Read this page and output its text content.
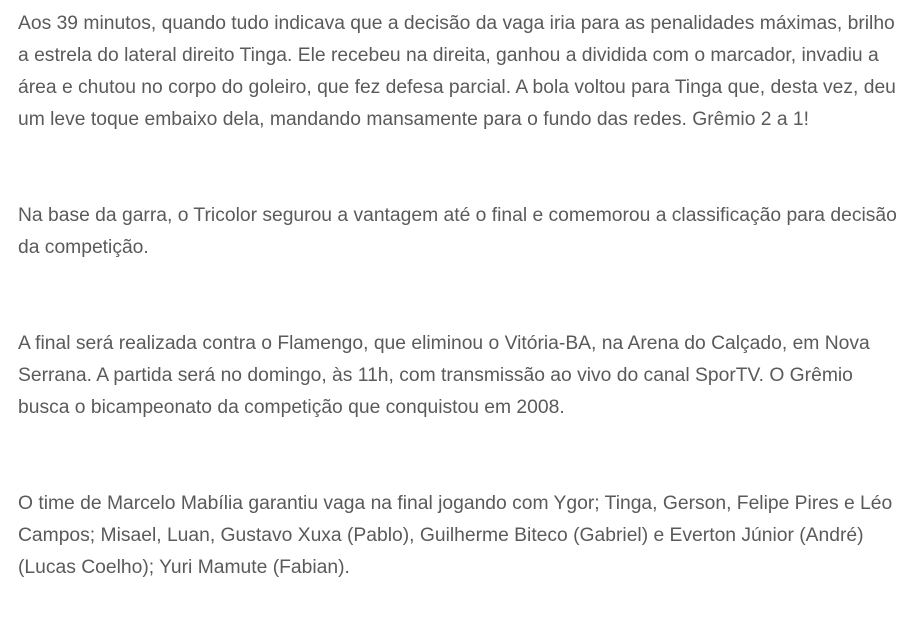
Aos 39 minutos, quando tudo indicava que a decisão da vaga iria para as penalidades máximas, brilho a estrela do lateral direito Tinga. Ele recebeu na direita, ganhou a dividida com o marcador, invadiu a área e chutou no corpo do goleiro, que fez defesa parcial. A bola voltou para Tinga que, desta vez, deu um leve toque embaixo dela, mandando mansamente para o fundo das redes. Grêmio 2 a 1!

Na base da garra, o Tricolor segurou a vantagem até o final e comemorou a classificação para decisão da competição.

A final será realizada contra o Flamengo, que eliminou o Vitória-BA, na Arena do Calçado, em Nova Serrana. A partida será no domingo, às 11h, com transmissão ao vivo do canal SporTV. O Grêmio busca o bicampeonato da competição que conquistou em 2008.

O time de Marcelo Mabília garantiu vaga na final jogando com Ygor; Tinga, Gerson, Felipe Pires e Léo Campos; Misael, Luan, Gustavo Xuxa (Pablo), Guilherme Biteco (Gabriel) e Everton Júnior (André) (Lucas Coelho); Yuri Mamute (Fabian).
